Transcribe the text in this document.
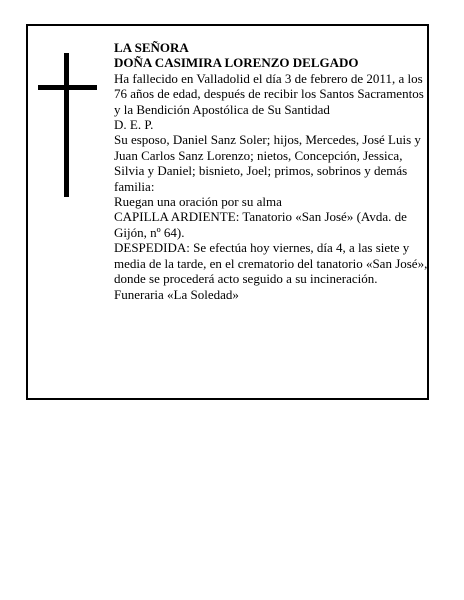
LA SEÑORA

DOÑA CASIMIRA LORENZO DELGADO

Ha fallecido en Valladolid el día 3 de febrero de 2011, a los 76 años de edad, después de recibir los Santos Sacramentos y la Bendición Apostólica de Su Santidad

D. E. P.

Su esposo, Daniel Sanz Soler; hijos, Mercedes, José Luis y Juan Carlos Sanz Lorenzo; nietos, Concepción, Jessica, Silvia y Daniel; bisnieto, Joel; primos, sobrinos y demás familia:

Ruegan una oración por su alma

CAPILLA ARDIENTE: Tanatorio «San José» (Avda. de Gijón, nº 64).

DESPEDIDA: Se efectúa hoy viernes, día 4, a las siete y media de la tarde, en el crematorio del tanatorio «San José», donde se procederá acto seguido a su incineración.

Funeraria «La Soledad»
